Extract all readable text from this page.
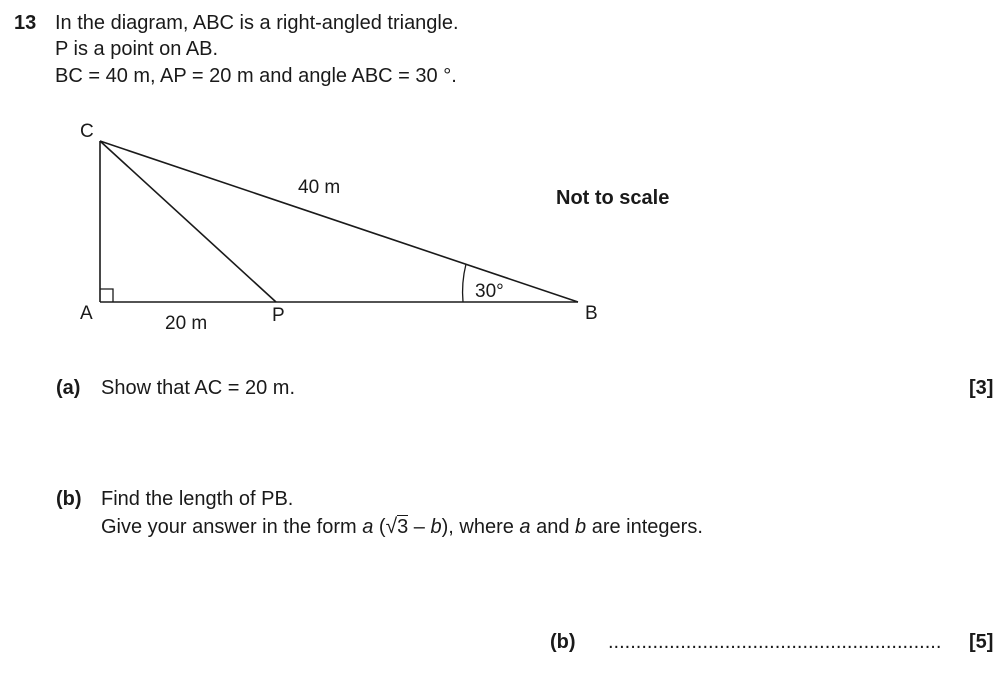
13 In the diagram, ABC is a right-angled triangle.
P is a point on AB.
BC = 40 m, AP = 20 m and angle ABC = 30 °.
C
A	P	B
40 m
20 m
30°
Not to scale
(a) Show that AC = 20 m.	[3]
(b) Find the length of PB.
Give your answer in the form a (√3 – b), where a and b are integers.
(b) ............................................................ [5]
